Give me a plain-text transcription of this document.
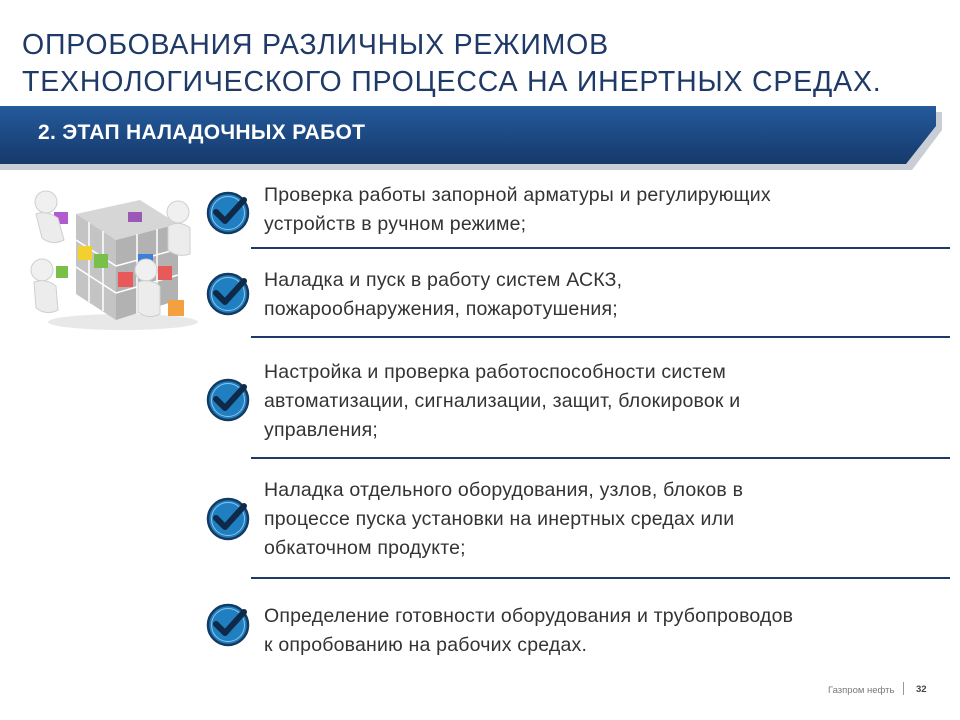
ОПРОБОВАНИЯ РАЗЛИЧНЫХ РЕЖИМОВ
ТЕХНОЛОГИЧЕСКОГО ПРОЦЕССА НА ИНЕРТНЫХ СРЕДАХ.
2. ЭТАП НАЛАДОЧНЫХ РАБОТ
Проверка работы запорной арматуры и регулирующих
устройств в ручном режиме;
Наладка и пуск в работу систем АСКЗ,
пожарообнаружения, пожаротушения;
Настройка и проверка работоспособности систем
автоматизации, сигнализации, защит, блокировок и
управления;
Наладка отдельного оборудования, узлов, блоков в
процессе пуска установки на инертных средах или
обкаточном продукте;
Определение готовности оборудования и трубопроводов
к опробованию на рабочих средах.
Газпром нефть 32
